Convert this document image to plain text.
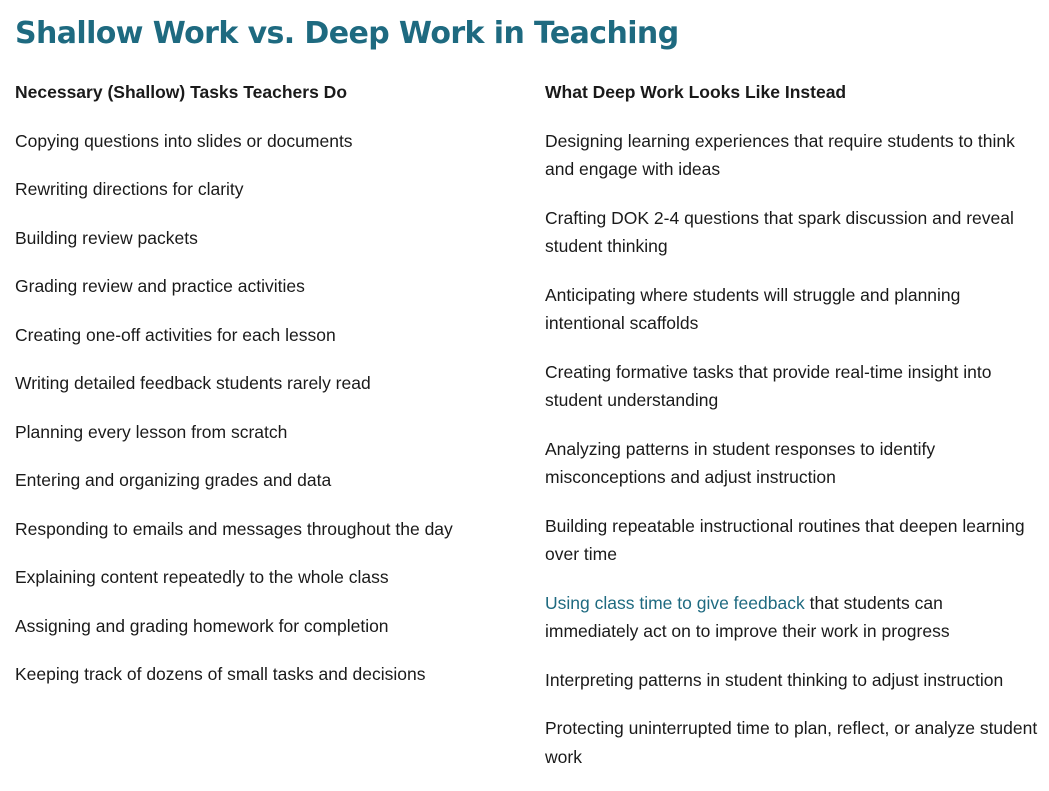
Shallow Work vs. Deep Work in Teaching

Necessary (Shallow) Tasks Teachers Do

Copying questions into slides or documents

Rewriting directions for clarity

Building review packets

Grading review and practice activities

Creating one-off activities for each lesson

Writing detailed feedback students rarely read

Planning every lesson from scratch

Entering and organizing grades and data

Responding to emails and messages throughout the day

Explaining content repeatedly to the whole class

Assigning and grading homework for completion

Keeping track of dozens of small tasks and decisions

What Deep Work Looks Like Instead

Designing learning experiences that require students to think and engage with ideas

Crafting DOK 2-4 questions that spark discussion and reveal student thinking

Anticipating where students will struggle and planning intentional scaffolds

Creating formative tasks that provide real-time insight into student understanding

Analyzing patterns in student responses to identify misconceptions and adjust instruction

Building repeatable instructional routines that deepen learning over time

Using class time to give feedback that students can immediately act on to improve their work in progress

Interpreting patterns in student thinking to adjust instruction

Protecting uninterrupted time to plan, reflect, or analyze student work
